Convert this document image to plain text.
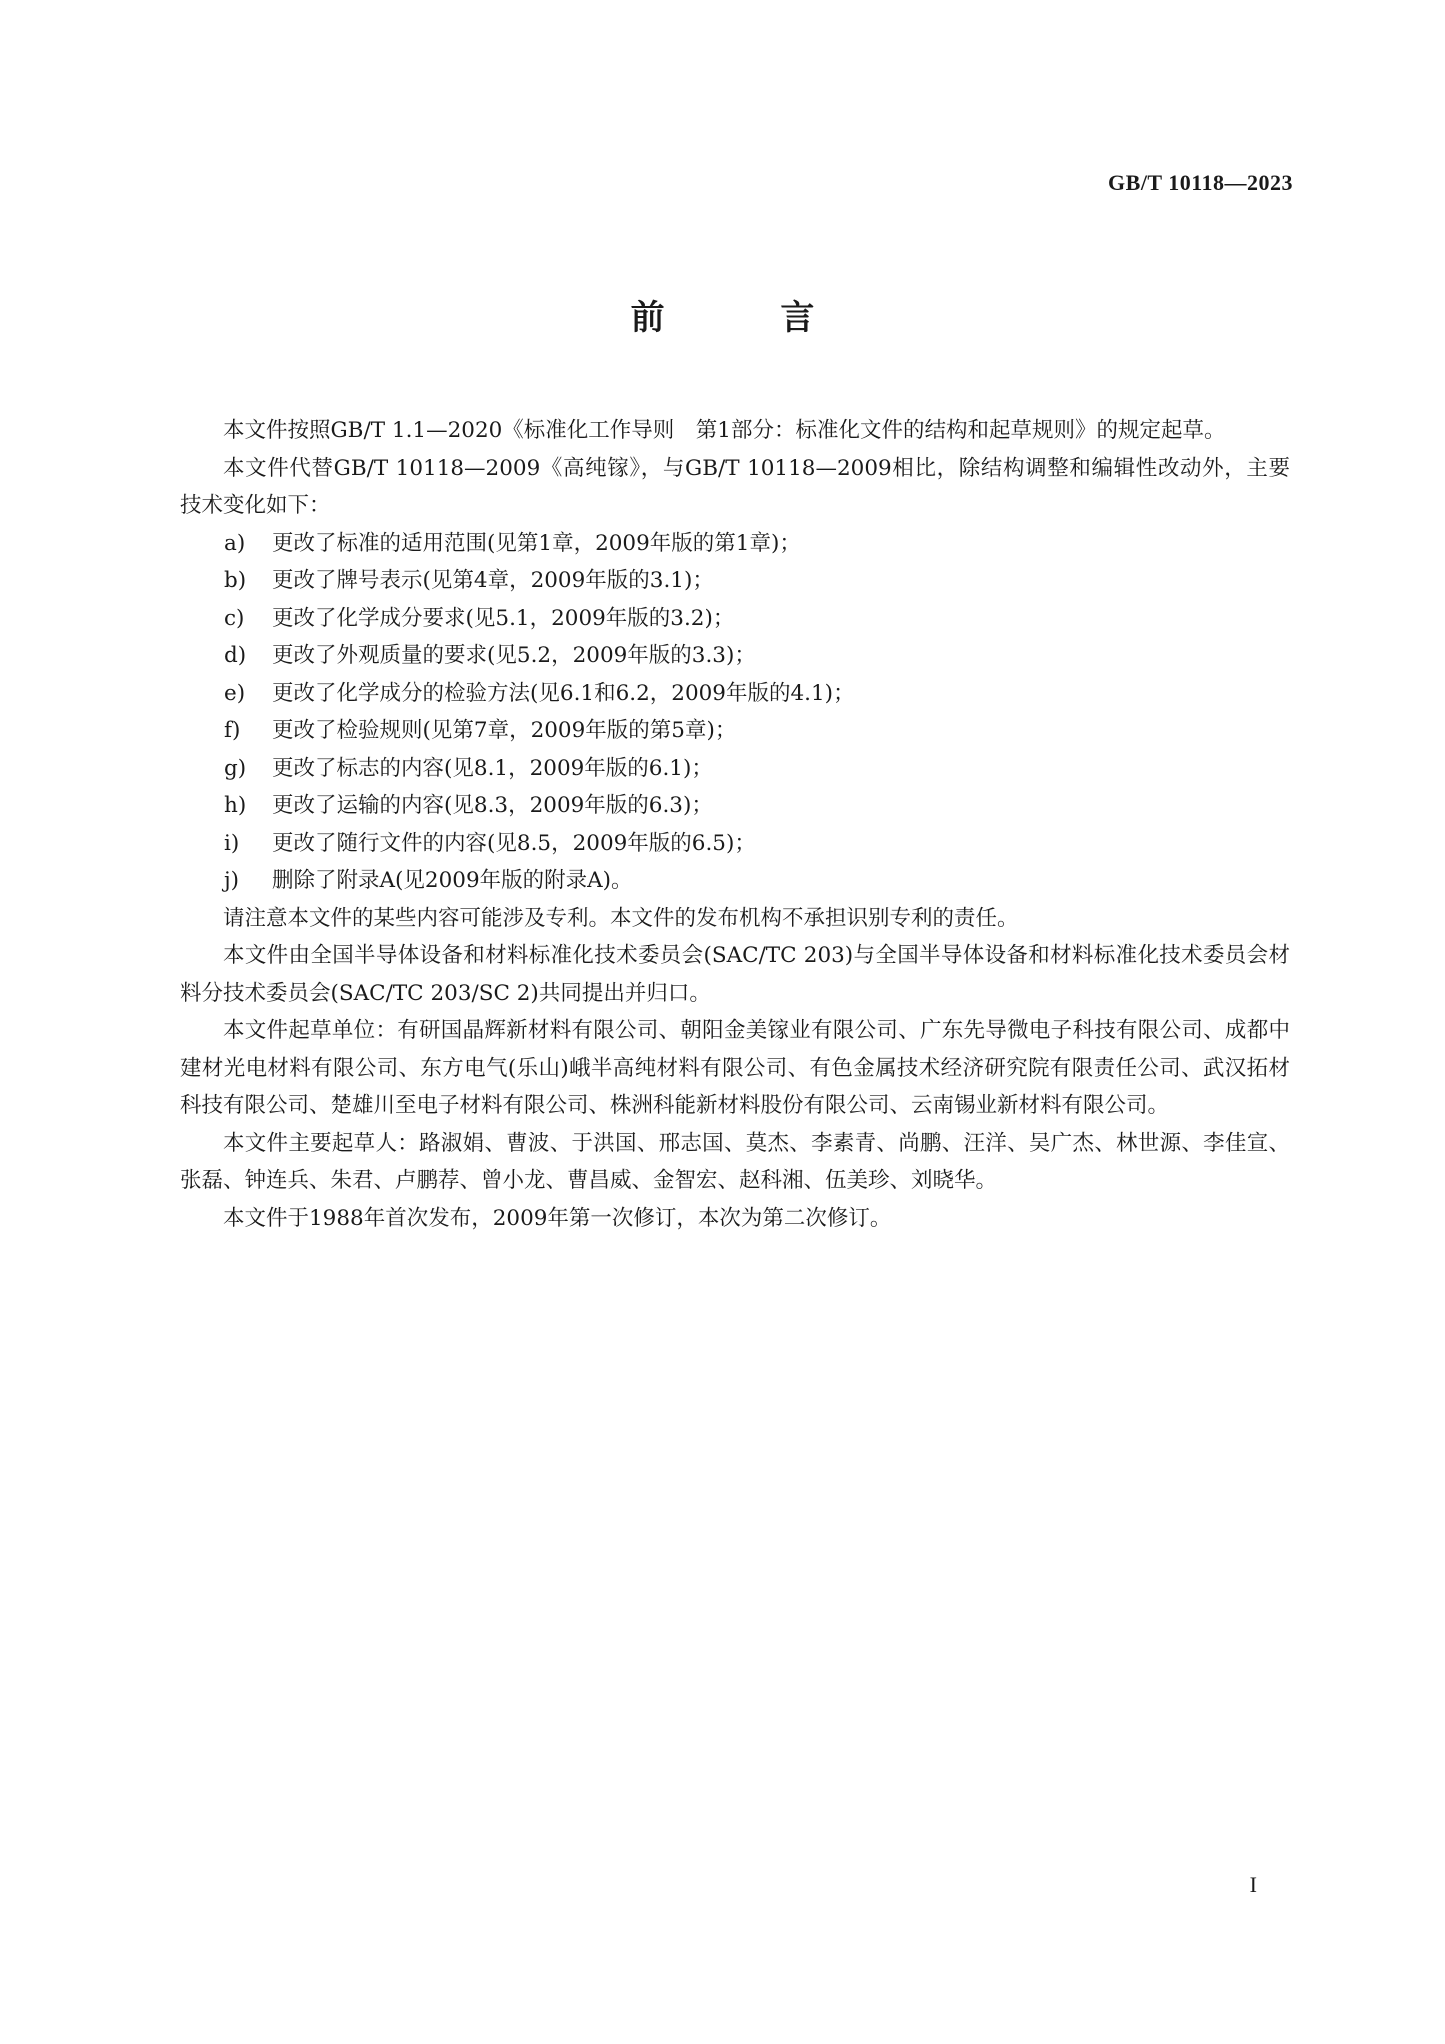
GB/T 10118—2023
前 言

本文件按照GB/T 1.1—2020《标准化工作导则　第1部分：标准化文件的结构和起草规则》的规定起草。

本文件代替GB/T 10118—2009《高纯镓》，与GB/T 10118—2009相比，除结构调整和编辑性改动外，主要技术变化如下：

a)	更改了标准的适用范围(见第1章，2009年版的第1章)；
b)	更改了牌号表示(见第4章，2009年版的3.1)；
c)	更改了化学成分要求(见5.1，2009年版的3.2)；
d)	更改了外观质量的要求(见5.2，2009年版的3.3)；
e)	更改了化学成分的检验方法(见6.1和6.2，2009年版的4.1)；
f)	更改了检验规则(见第7章，2009年版的第5章)；
g)	更改了标志的内容(见8.1，2009年版的6.1)；
h)	更改了运输的内容(见8.3，2009年版的6.3)；
i)	更改了随行文件的内容(见8.5，2009年版的6.5)；
j)	删除了附录A(见2009年版的附录A)。

请注意本文件的某些内容可能涉及专利。本文件的发布机构不承担识别专利的责任。

本文件由全国半导体设备和材料标准化技术委员会(SAC/TC 203)与全国半导体设备和材料标准化技术委员会材料分技术委员会(SAC/TC 203/SC 2)共同提出并归口。

本文件起草单位：有研国晶辉新材料有限公司、朝阳金美镓业有限公司、广东先导微电子科技有限公司、成都中建材光电材料有限公司、东方电气(乐山)峨半高纯材料有限公司、有色金属技术经济研究院有限责任公司、武汉拓材科技有限公司、楚雄川至电子材料有限公司、株洲科能新材料股份有限公司、云南锡业新材料有限公司。

本文件主要起草人：路淑娟、曹波、于洪国、邢志国、莫杰、李素青、尚鹏、汪洋、吴广杰、林世源、李佳宣、张磊、钟连兵、朱君、卢鹏荐、曾小龙、曹昌威、金智宏、赵科湘、伍美珍、刘晓华。

本文件于1988年首次发布，2009年第一次修订，本次为第二次修订。

I
